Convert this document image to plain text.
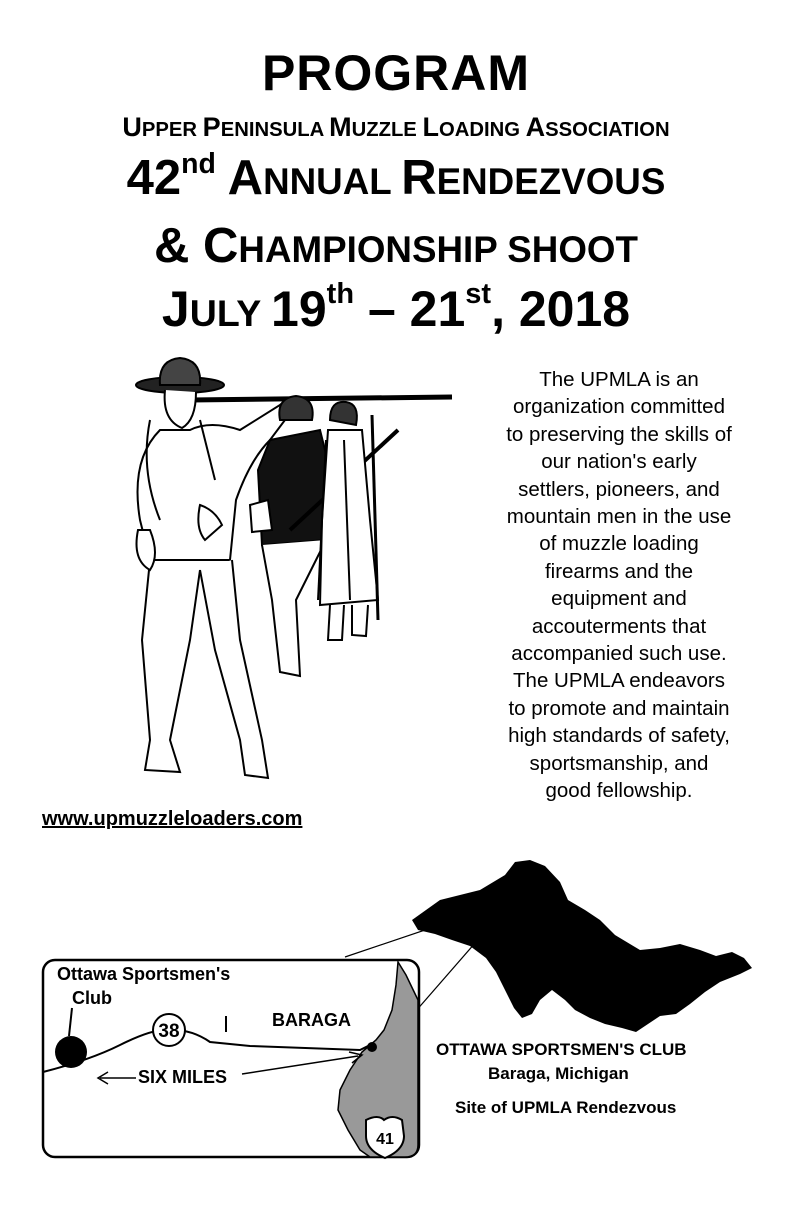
PROGRAM
UPPER PENINSULA MUZZLE LOADING ASSOCIATION
42nd ANNUAL RENDEZVOUS
& CHAMPIONSHIP SHOOT
JULY 19th – 21st, 2018
38
SIX MILES
BARAGA
Ottawa Sportsmen's
Club
41
The UPMLA is an
organization committed
to preserving the skills of
our nation's early
settlers, pioneers, and
mountain men in the use
of muzzle loading
firearms and the
equipment and
accouterments that
accompanied such use.
The UPMLA endeavors
to promote and maintain
high standards of safety,
sportsmanship, and
good fellowship.
www.upmuzzleloaders.com
OTTAWA SPORTSMEN'S CLUB
Baraga, Michigan
Site of UPMLA Rendezvous
